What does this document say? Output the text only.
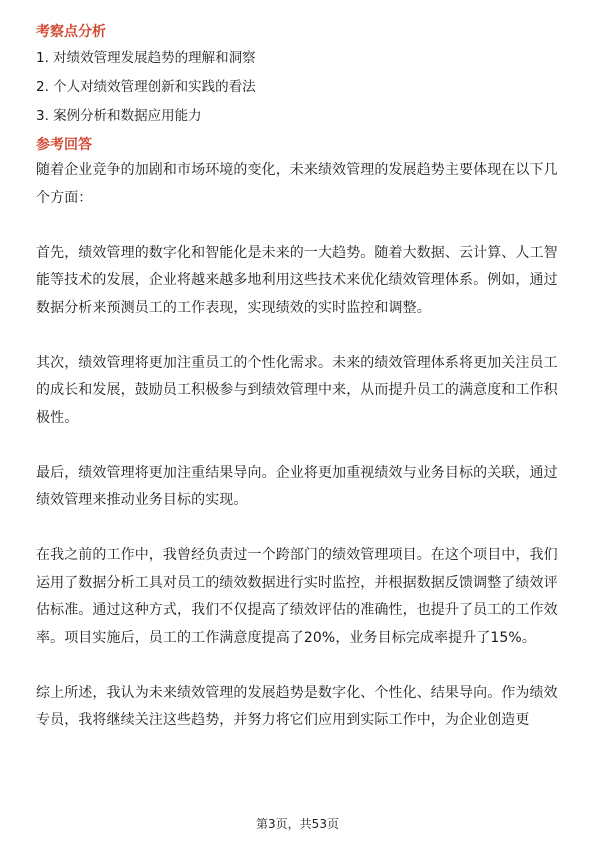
考察点分析
1. 对绩效管理发展趋势的理解和洞察
2. 个人对绩效管理创新和实践的看法
3. 案例分析和数据应用能力
参考回答

随着企业竞争的加剧和市场环境的变化，未来绩效管理的发展趋势主要体现在以下几个方面：

首先，绩效管理的数字化和智能化是未来的一大趋势。随着大数据、云计算、人工智能等技术的发展，企业将越来越多地利用这些技术来优化绩效管理体系。例如，通过数据分析来预测员工的工作表现，实现绩效的实时监控和调整。

其次，绩效管理将更加注重员工的个性化需求。未来的绩效管理体系将更加关注员工的成长和发展，鼓励员工积极参与到绩效管理中来，从而提升员工的满意度和工作积极性。

最后，绩效管理将更加注重结果导向。企业将更加重视绩效与业务目标的关联，通过绩效管理来推动业务目标的实现。

在我之前的工作中，我曾经负责过一个跨部门的绩效管理项目。在这个项目中，我们运用了数据分析工具对员工的绩效数据进行实时监控，并根据数据反馈调整了绩效评估标准。通过这种方式，我们不仅提高了绩效评估的准确性，也提升了员工的工作效率。项目实施后，员工的工作满意度提高了20%，业务目标完成率提升了15%。

综上所述，我认为未来绩效管理的发展趋势是数字化、个性化、结果导向。作为绩效专员，我将继续关注这些趋势，并努力将它们应用到实际工作中，为企业创造更

第3页，共53页
